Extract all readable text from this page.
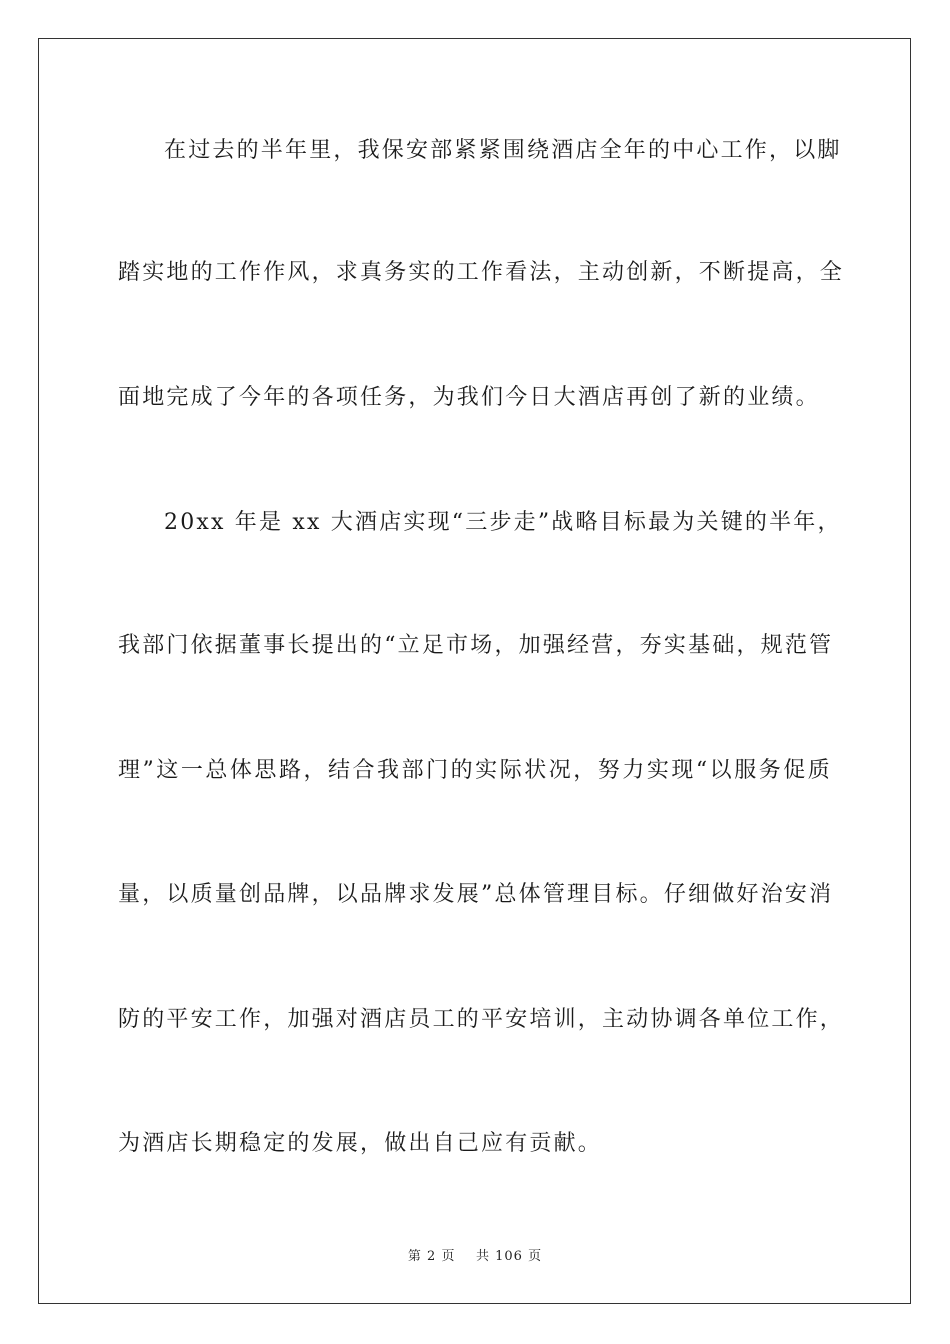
在过去的半年里，我保安部紧紧围绕酒店全年的中心工作，以脚
踏实地的工作作风，求真务实的工作看法，主动创新，不断提高，全
面地完成了今年的各项任务，为我们今日大酒店再创了新的业绩。
20xx 年是 xx 大酒店实现“三步走”战略目标最为关键的半年，
我部门依据董事长提出的“立足市场，加强经营，夯实基础，规范管
理”这一总体思路，结合我部门的实际状况，努力实现“以服务促质
量，以质量创品牌，以品牌求发展”总体管理目标。仔细做好治安消
防的平安工作，加强对酒店员工的平安培训，主动协调各单位工作，
为酒店长期稳定的发展，做出自己应有贡献。
第 2 页    共 106 页
